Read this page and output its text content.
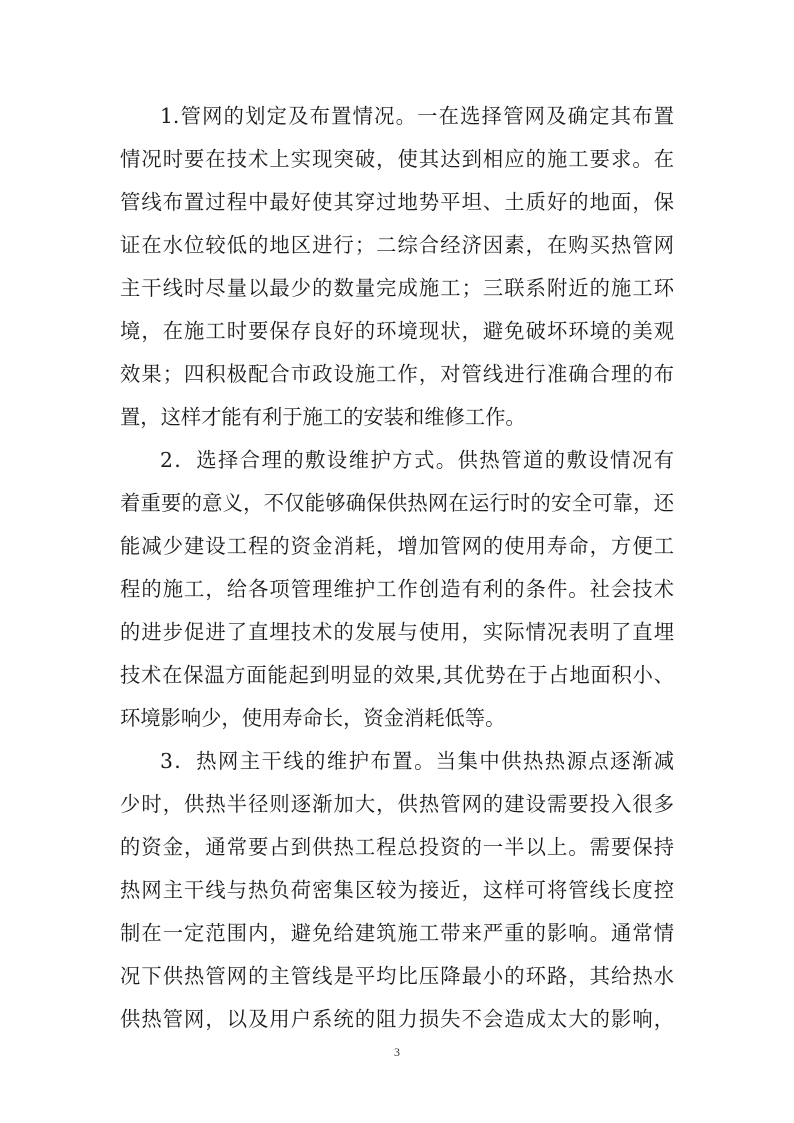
1.管网的划定及布置情况。一在选择管网及确定其布置
情况时要在技术上实现突破，使其达到相应的施工要求。在
管线布置过程中最好使其穿过地势平坦、土质好的地面，保
证在水位较低的地区进行；二综合经济因素，在购买热管网
主干线时尽量以最少的数量完成施工；三联系附近的施工环
境，在施工时要保存良好的环境现状，避免破坏环境的美观
效果；四积极配合市政设施工作，对管线进行准确合理的布
置，这样才能有利于施工的安装和维修工作。
2．选择合理的敷设维护方式。供热管道的敷设情况有
着重要的意义，不仅能够确保供热网在运行时的安全可靠，还
能减少建设工程的资金消耗，增加管网的使用寿命，方便工
程的施工，给各项管理维护工作创造有利的条件。社会技术
的进步促进了直埋技术的发展与使用，实际情况表明了直埋
技术在保温方面能起到明显的效果,其优势在于占地面积小、
环境影响少，使用寿命长，资金消耗低等。
3．热网主干线的维护布置。当集中供热热源点逐渐减
少时，供热半径则逐渐加大，供热管网的建设需要投入很多
的资金，通常要占到供热工程总投资的一半以上。需要保持
热网主干线与热负荷密集区较为接近，这样可将管线长度控
制在一定范围内，避免给建筑施工带来严重的影响。通常情
况下供热管网的主管线是平均比压降最小的环路，其给热水
供热管网，以及用户系统的阻力损失不会造成太大的影响，
3
